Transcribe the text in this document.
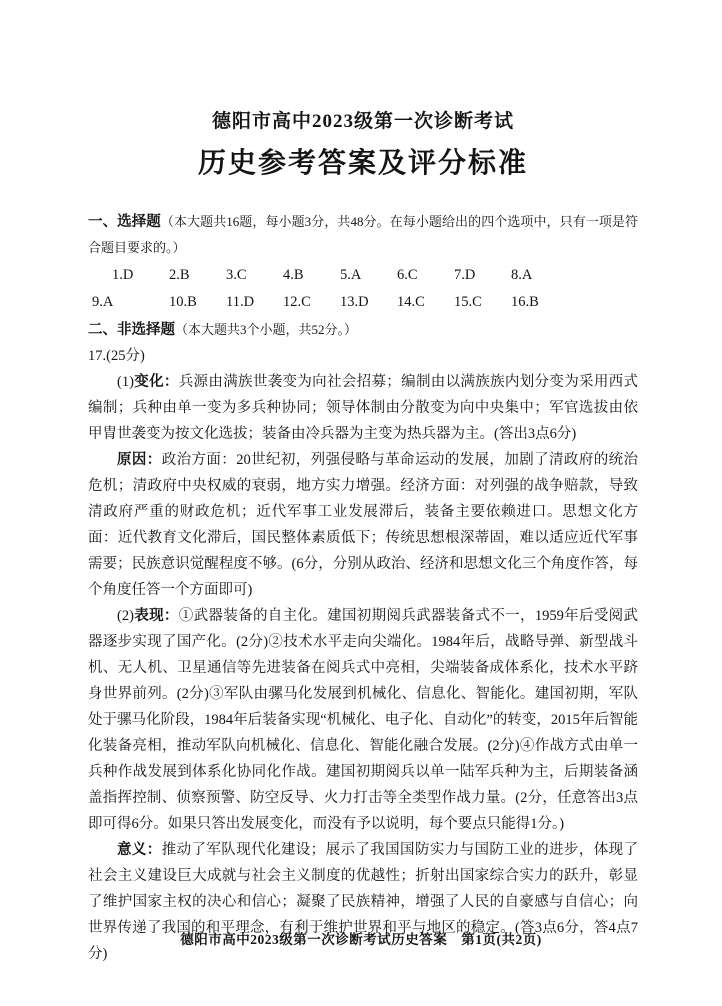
德阳市高中2023级第一次诊断考试
历史参考答案及评分标准

一、选择题（本大题共16题，每小题3分，共48分。在每小题给出的四个选项中，只有一项是符合题目要求的。）

1.D	2.B	3.C	4.B	5.A	6.C	7.D	8.A
9.A	10.B	11.D	12.C	13.D	14.C	15.C	16.B

二、非选择题（本大题共3个小题，共52分。）

17.(25分)

(1)变化：兵源由满族世袭变为向社会招募；编制由以满族族内划分变为采用西式编制；兵种由单一变为多兵种协同；领导体制由分散变为向中央集中；军官选拔由依甲胄世袭变为按文化选拔；装备由冷兵器为主变为热兵器为主。(答出3点6分)

原因：政治方面：20世纪初，列强侵略与革命运动的发展，加剧了清政府的统治危机；清政府中央权威的衰弱，地方实力增强。经济方面：对列强的战争赔款，导致清政府严重的财政危机；近代军事工业发展滞后，装备主要依赖进口。思想文化方面：近代教育文化滞后，国民整体素质低下；传统思想根深蒂固，难以适应近代军事需要；民族意识觉醒程度不够。(6分，分别从政治、经济和思想文化三个角度作答，每个角度任答一个方面即可)

(2)表现：①武器装备的自主化。建国初期阅兵武器装备式不一，1959年后受阅武器逐步实现了国产化。(2分)②技术水平走向尖端化。1984年后，战略导弹、新型战斗机、无人机、卫星通信等先进装备在阅兵式中亮相，尖端装备成体系化，技术水平跻身世界前列。(2分)③军队由骡马化发展到机械化、信息化、智能化。建国初期，军队处于骡马化阶段，1984年后装备实现“机械化、电子化、自动化”的转变，2015年后智能化装备亮相，推动军队向机械化、信息化、智能化融合发展。(2分)④作战方式由单一兵种作战发展到体系化协同化作战。建国初期阅兵以单一陆军兵种为主，后期装备涵盖指挥控制、侦察预警、防空反导、火力打击等全类型作战力量。(2分，任意答出3点即可得6分。如果只答出发展变化，而没有予以说明，每个要点只能得1分。)

意义：推动了军队现代化建设；展示了我国国防实力与国防工业的进步，体现了社会主义建设巨大成就与社会主义制度的优越性；折射出国家综合实力的跃升，彰显了维护国家主权的决心和信心；凝聚了民族精神，增强了人民的自豪感与自信心；向世界传递了我国的和平理念，有利于维护世界和平与地区的稳定。(答3点6分，答4点7分)

德阳市高中2023级第一次诊断考试历史答案　第1页(共2页)
